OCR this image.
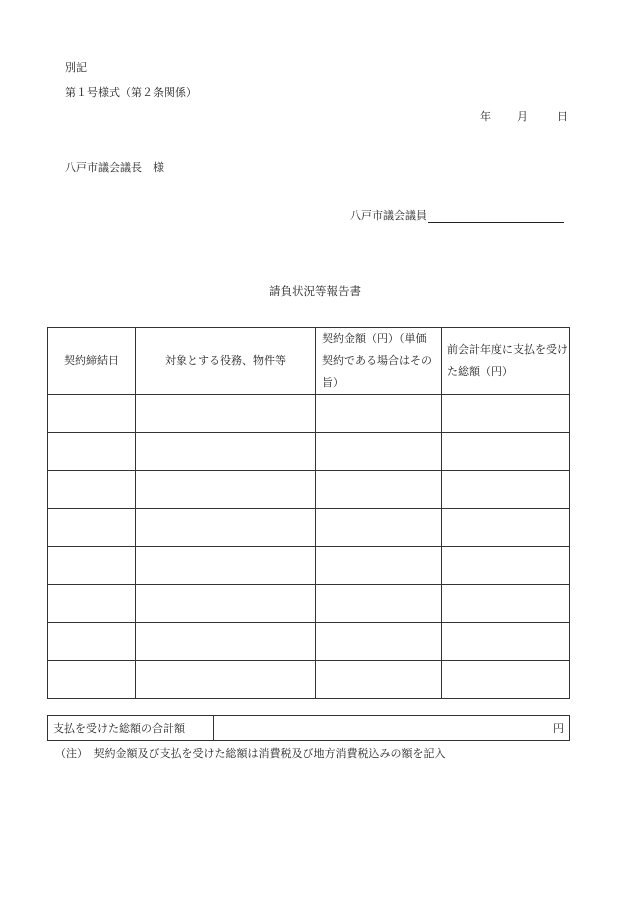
別記
第１号様式（第２条関係）
年 月	日
八戸市議会議長　様
八戸市議会議員
請負状況等報告書
契約締結日	対象とする役務、物件等	契約金額（円）（単価契約である場合はその旨）	前会計年度に支払を受けた総額（円）

支払を受けた総額の合計額	円
（注）　契約金額及び支払を受けた総額は消費税及び地方消費税込みの額を記入
